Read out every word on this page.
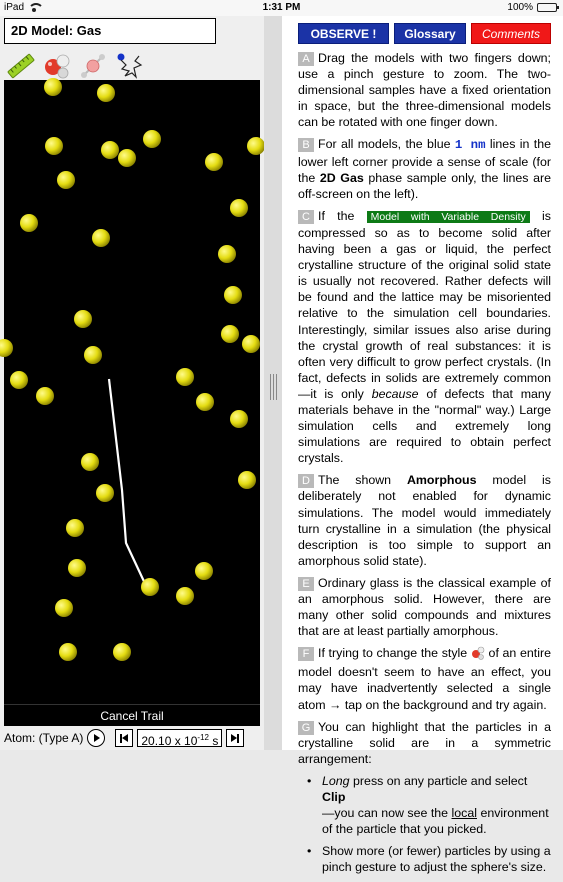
iPad	1:31 PM	100%
2D Model: Gas
Cancel Trail
Atom: (Type A)	20.10 x $10^{-12}$ s
OBSERVE !	Glossary	Comments

A Drag the models with two fingers down; use a pinch gesture to zoom. The two-dimensional samples have a fixed orientation in space, but the three-dimensional models can be rotated with one finger down.

B For all models, the blue 1 nm lines in the lower left corner provide a sense of scale (for the 2D Gas phase sample only, the lines are off-screen on the left).

C If the Model with Variable Density is compressed so as to become solid after having been a gas or liquid, the perfect crystalline structure of the original solid state is usually not recovered. Rather defects will be found and the lattice may be misoriented relative to the simulation cell boundaries. Interestingly, similar issues also arise during the crystal growth of real substances: it is often very difficult to grow perfect crystals. (In fact, defects in solids are extremely common—it is only because of defects that many materials behave in the "normal" way.) Large simulation cells and extremely long simulations are required to obtain perfect crystals.

D The shown Amorphous model is deliberately not enabled for dynamic simulations. The model would immediately turn crystalline in a simulation (the physical description is too simple to support an amorphous solid state).

E Ordinary glass is the classical example of an amorphous solid. However, there are many other solid compounds and mixtures that are at least partially amorphous.

F If trying to change the style of an entire model doesn't seem to have an effect, you may have inadvertently selected a single atom → tap on the background and try again.

G You can highlight that the particles in a crystalline solid are in a symmetric arrangement:

• Long press on any particle and select Clip
—you can now see the local environment of the particle that you picked.

• Show more (or fewer) particles by using a pinch gesture to adjust the sphere's size.
